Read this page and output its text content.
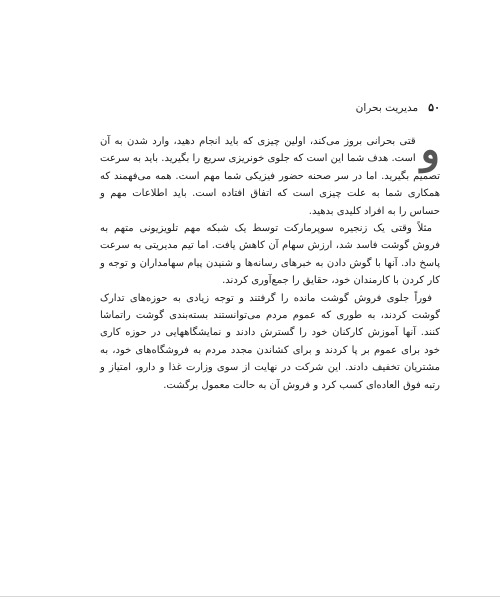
۵۰
مدیریت بحران

و
قتی بحرانی بروز می‌کند، اولین چیزی که باید انجام دهید، وارد شدن به آن است. هدف شما این است که جلوی خونریزی سریع را بگیرید. باید به سرعت تصمیم بگیرید. اما در سر صحنه حضور فیزیکی شما مهم است. همه می‌فهمند که همکاری شما به علت چیزی است که اتفاق افتاده است. باید اطلاعات مهم و حساس را به افراد کلیدی بدهید.

مثلاً وقتی یک زنجیره سوپرمارکت توسط یک شبکه مهم تلویزیونی متهم به فروش گوشت فاسد شد، ارزش سهام آن کاهش یافت. اما تیم مدیریتی به سرعت پاسخ داد. آنها با گوش دادن به خبرهای رسانه‌ها و شنیدن پیام سهامداران و توجه و کار کردن با کارمندان خود، حقایق را جمع‌آوری کردند.

فوراً جلوی فروش گوشت مانده را گرفتند و توجه زیادی به حوزه‌های تدارک گوشت کردند، به طوری که عموم مردم می‌توانستند بسته‌بندی گوشت راتماشا کنند. آنها آموزش کارکنان خود را گسترش دادند و نمایشگاههایی در حوزه کاری خود برای عموم بر پا کردند و برای کشاندن مجدد مردم به فروشگاه‌های خود، به مشتریان تخفیف دادند. این شرکت در نهایت از سوی وزارت غذا و دارو، امتیاز و رتبه فوق العاده‌ای کسب کرد و فروش آن به حالت معمول برگشت.
